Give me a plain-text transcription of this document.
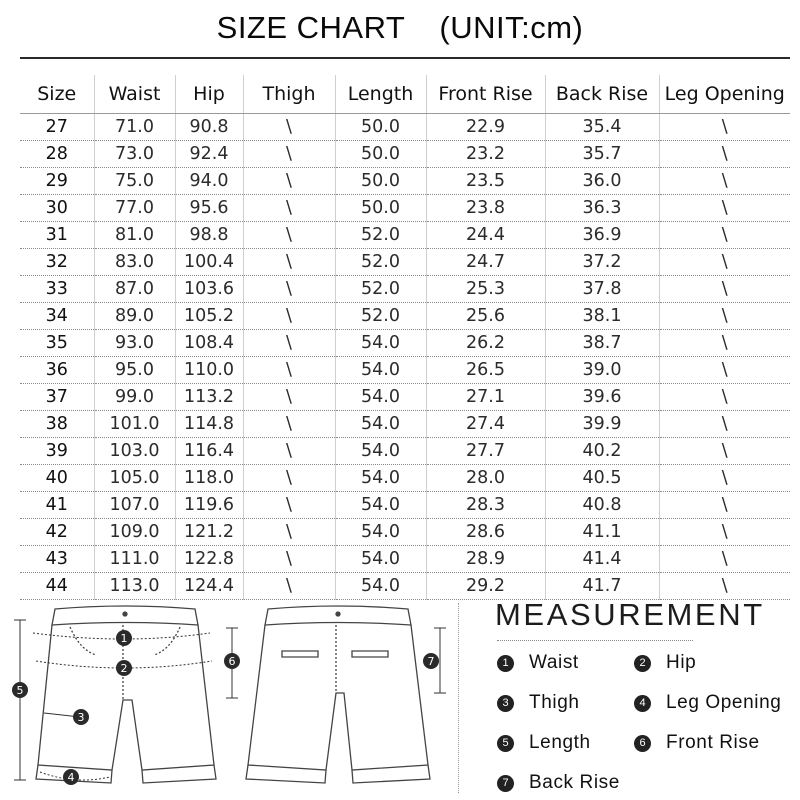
SIZE CHART (UNIT:cm)
Size	Waist	Hip	Thigh	Length	Front Rise	Back Rise	Leg Opening
27	71.0	90.8	\	50.0	22.9	35.4	\
28	73.0	92.4	\	50.0	23.2	35.7	\
29	75.0	94.0	\	50.0	23.5	36.0	\
30	77.0	95.6	\	50.0	23.8	36.3	\
31	81.0	98.8	\	52.0	24.4	36.9	\
32	83.0	100.4	\	52.0	24.7	37.2	\
33	87.0	103.6	\	52.0	25.3	37.8	\
34	89.0	105.2	\	52.0	25.6	38.1	\
35	93.0	108.4	\	54.0	26.2	38.7	\
36	95.0	110.0	\	54.0	26.5	39.0	\
37	99.0	113.2	\	54.0	27.1	39.6	\
38	101.0	114.8	\	54.0	27.4	39.9	\
39	103.0	116.4	\	54.0	27.7	40.2	\
40	105.0	118.0	\	54.0	28.0	40.5	\
41	107.0	119.6	\	54.0	28.3	40.8	\
42	109.0	121.2	\	54.0	28.6	41.1	\
43	111.0	122.8	\	54.0	28.9	41.4	\
44	113.0	124.4	\	54.0	29.2	41.7	\
1
2
3
4
5
6	7
MEASUREMENT
1 Waist	2 Hip
3 Thigh	4 Leg Opening
5 Length	6 Front Rise
7 Back Rise
